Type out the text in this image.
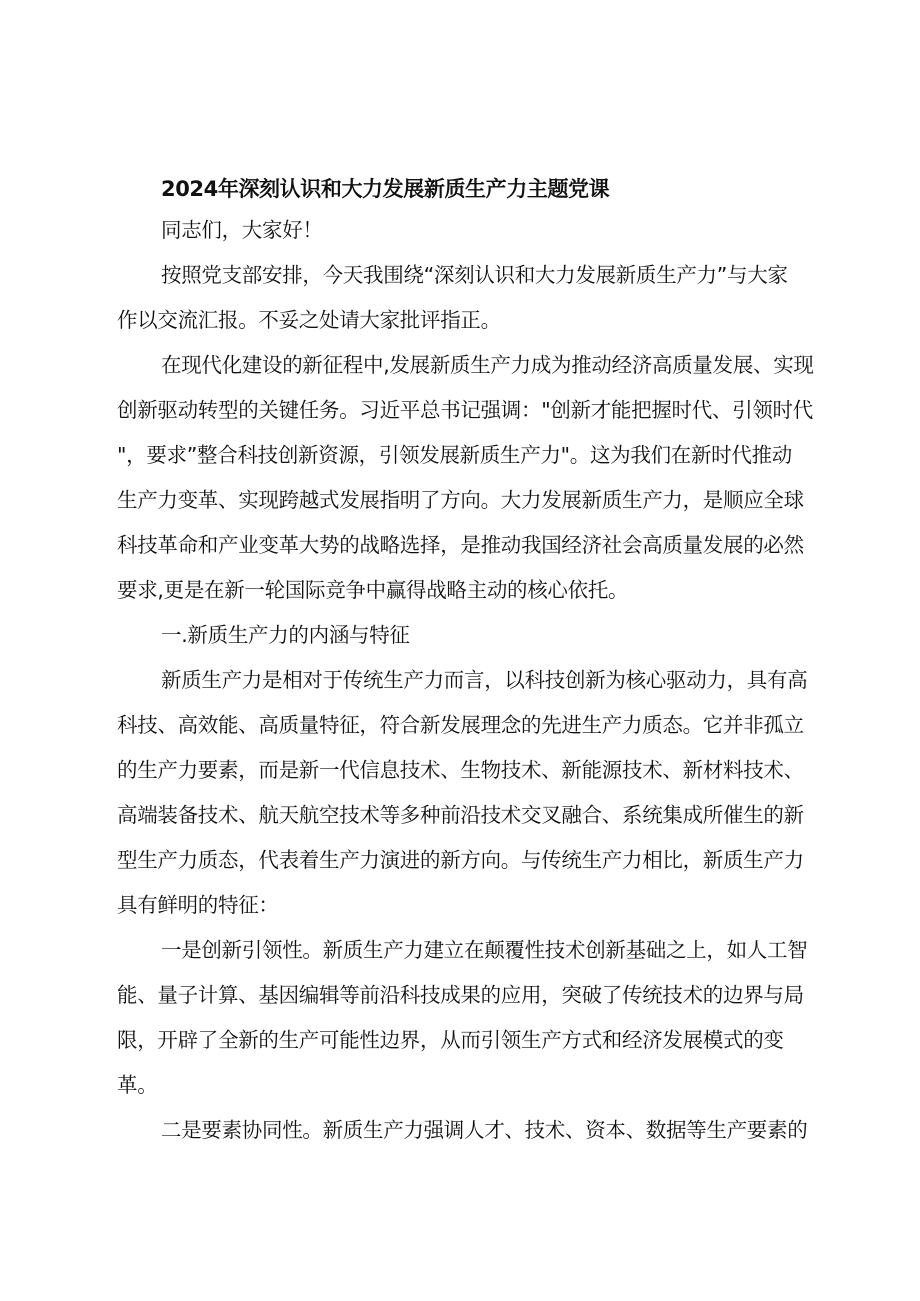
2024年深刻认识和大力发展新质生产力主题党课
同志们，大家好！
按照党支部安排，今天我围绕“深刻认识和大力发展新质生产力”与大家
作以交流汇报。不妥之处请大家批评指正。
在现代化建设的新征程中,发展新质生产力成为推动经济高质量发展、实现
创新驱动转型的关键任务。习近平总书记强调："创新才能把握时代、引领时代
"，要求”整合科技创新资源，引领发展新质生产力"。这为我们在新时代推动
生产力变革、实现跨越式发展指明了方向。大力发展新质生产力，是顺应全球
科技革命和产业变革大势的战略选择，是推动我国经济社会高质量发展的必然
要求,更是在新一轮国际竞争中赢得战略主动的核心依托。
一.新质生产力的内涵与特征
新质生产力是相对于传统生产力而言，以科技创新为核心驱动力，具有高
科技、高效能、高质量特征，符合新发展理念的先进生产力质态。它并非孤立
的生产力要素，而是新一代信息技术、生物技术、新能源技术、新材料技术、
高端装备技术、航天航空技术等多种前沿技术交叉融合、系统集成所催生的新
型生产力质态，代表着生产力演进的新方向。与传统生产力相比，新质生产力
具有鲜明的特征：
一是创新引领性。新质生产力建立在颠覆性技术创新基础之上，如人工智
能、量子计算、基因编辑等前沿科技成果的应用，突破了传统技术的边界与局
限，开辟了全新的生产可能性边界，从而引领生产方式和经济发展模式的变
革。
二是要素协同性。新质生产力强调人才、技术、资本、数据等生产要素的
